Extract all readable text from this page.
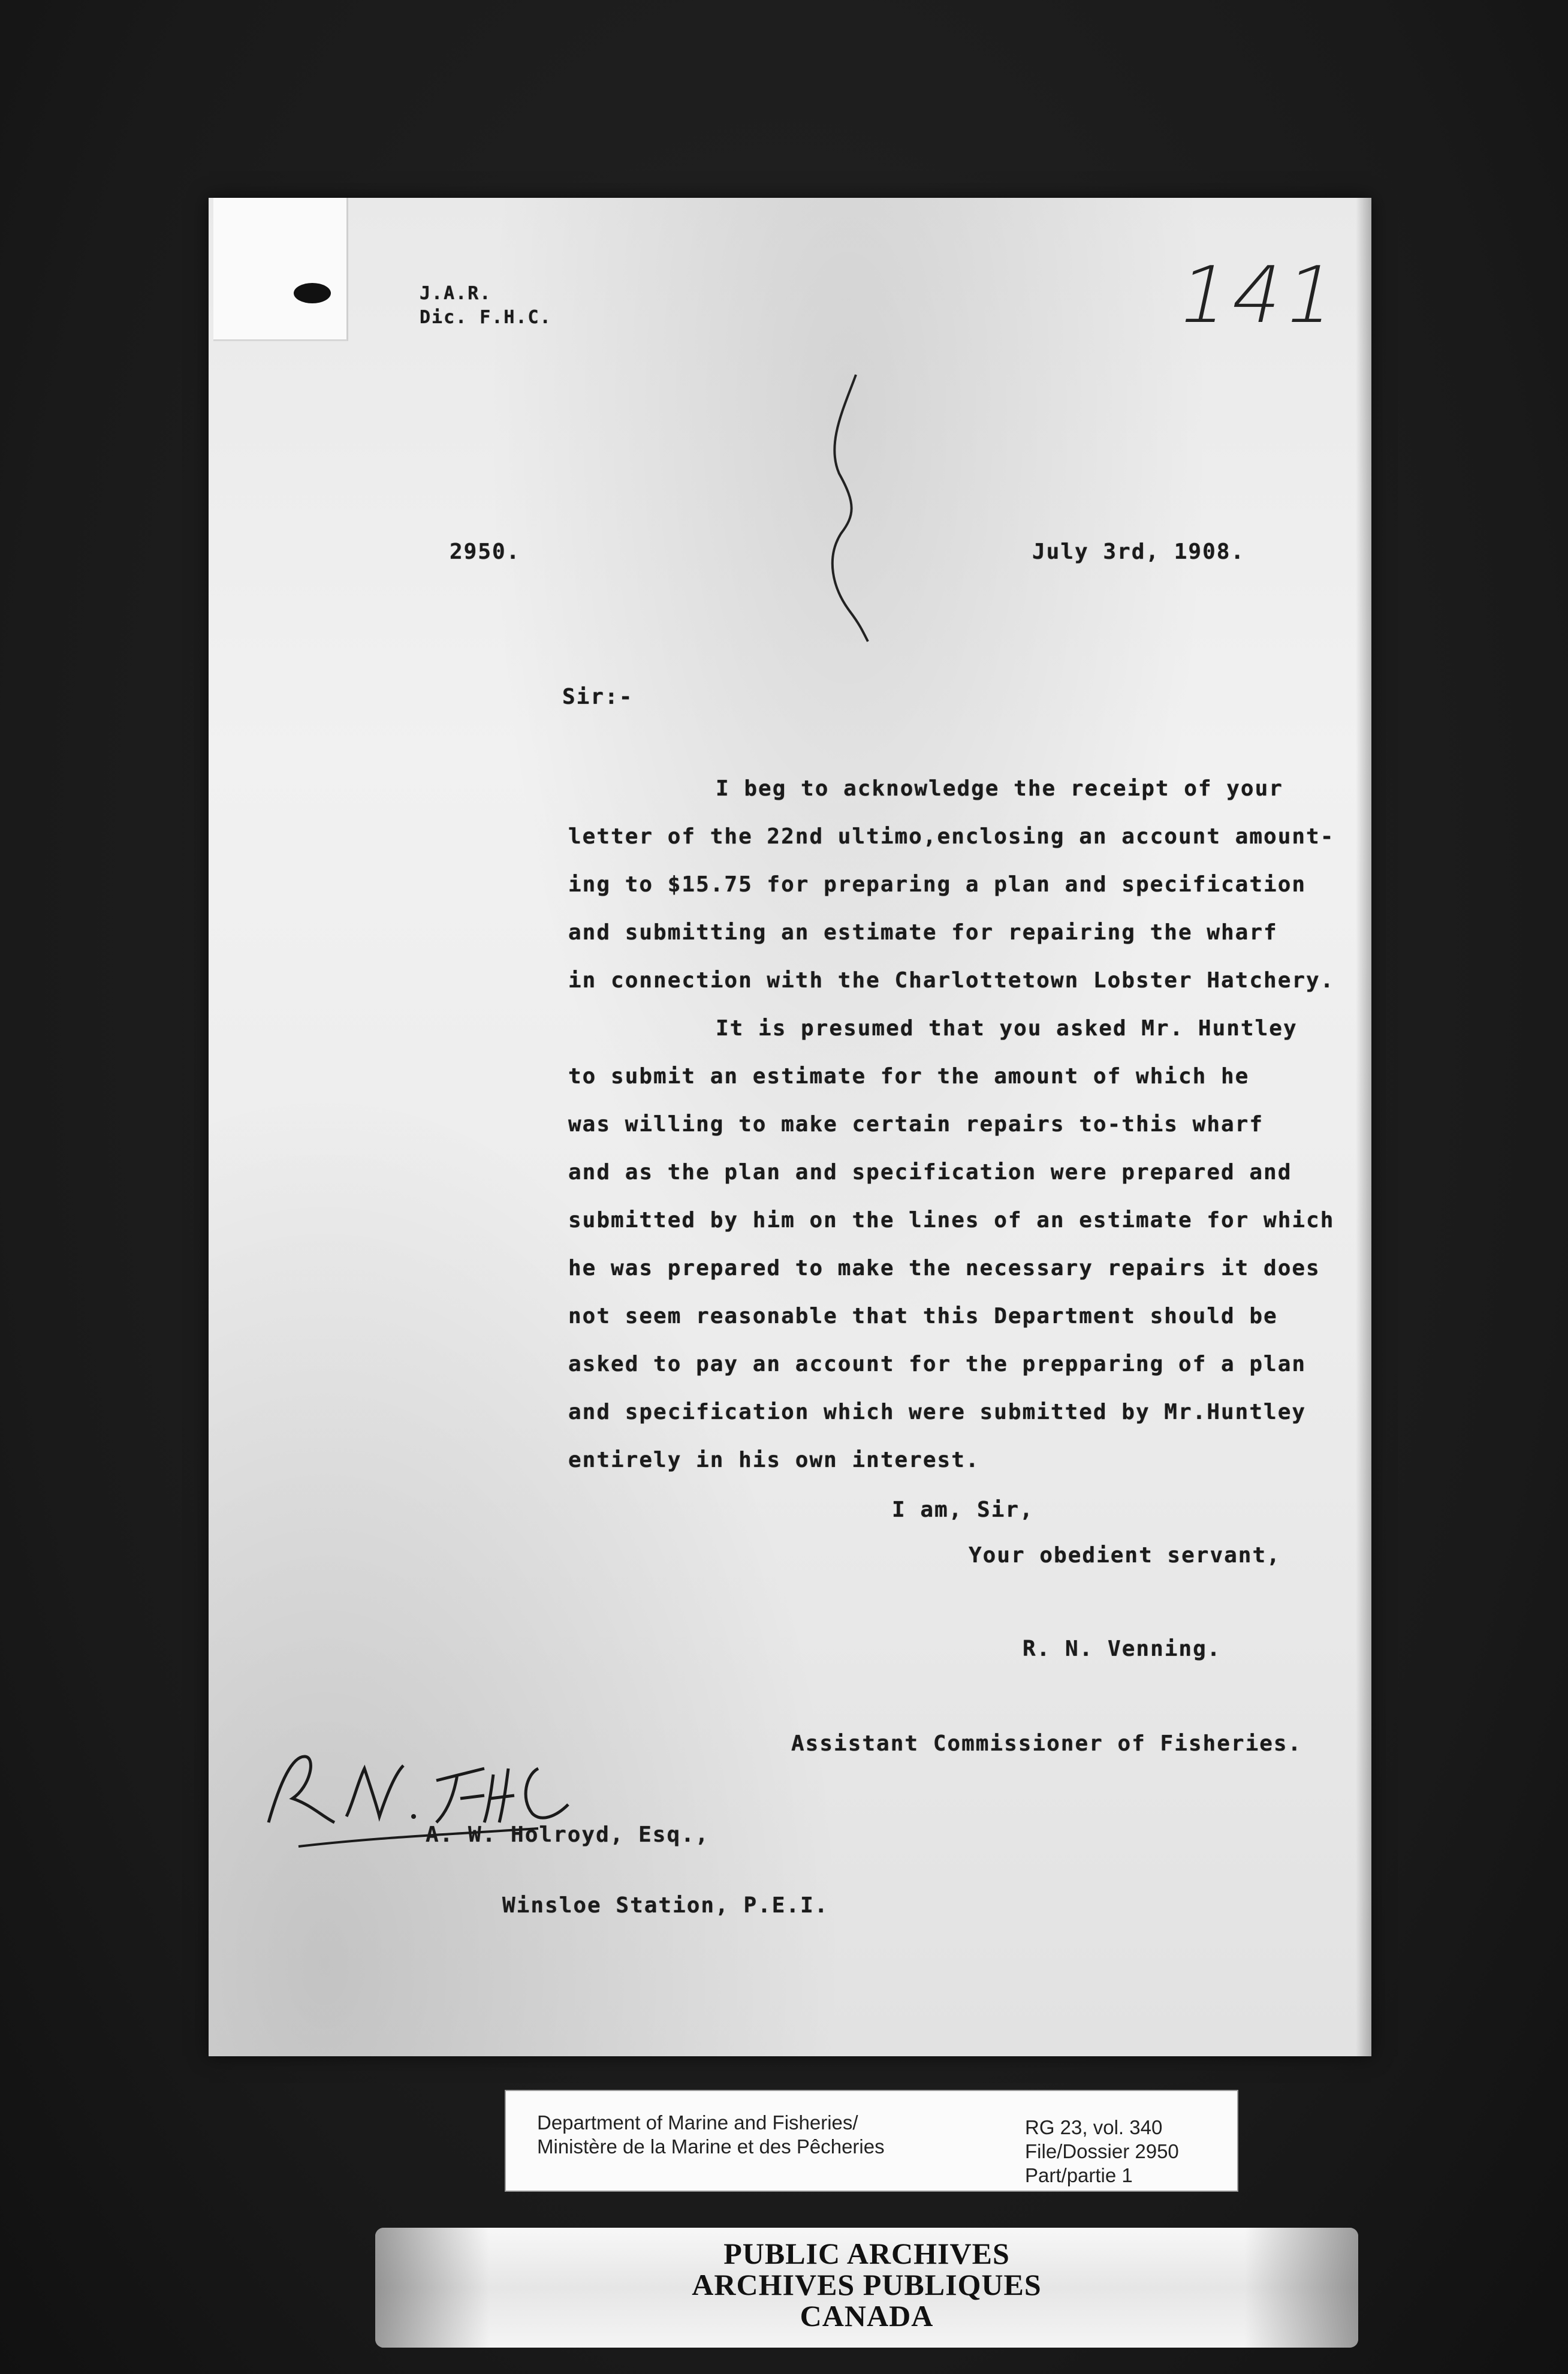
J.A.R.
Dic. F.H.C.	141
2950.	July 3rd, 1908.
Sir:-
I beg to acknowledge the receipt of your
letter of the 22nd ultimo,enclosing an account amount-
ing to $15.75 for preparing a plan and specification
and submitting an estimate for repairing the wharf
in connection with the Charlottetown Lobster Hatchery.
It is presumed that you asked Mr. Huntley
to submit an estimate for the amount of which he
was willing to make certain repairs to-this wharf
and as the plan and specification were prepared and
submitted by him on the lines of an estimate for which
he was prepared to make the necessary repairs it does
not seem reasonable that this Department should be
asked to pay an account for the prepparing of a plan
and specification which were submitted by Mr.Huntley
entirely in his own interest.
I am, Sir,
Your obedient servant,
R. N. Venning.
Assistant Commissioner of Fisheries.
A. W. Holroyd, Esq.,
Winsloe Station, P.E.I.
Department of Marine and Fisheries/
Ministère de la Marine et des Pêcheries
RG 23, vol. 340
File/Dossier 2950
Part/partie 1
PUBLIC ARCHIVES
ARCHIVES PUBLIQUES
CANADA
